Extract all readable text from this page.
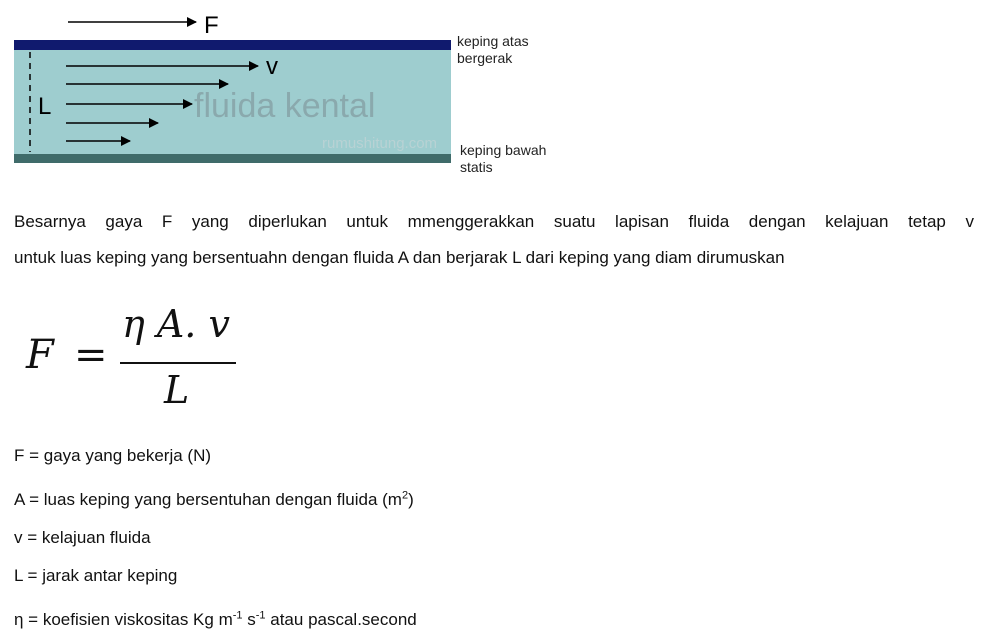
F
L
v
fluida kental
rumushitung.com
keping atas
bergerak
keping bawah
statis

Besarnya gaya F yang diperlukan untuk mmenggerakkan suatu lapisan fluida dengan kelajuan tetap v

untuk luas keping yang bersentuahn dengan fluida A dan berjarak L dari keping yang diam dirumuskan

F =
η A. v
L
F = gaya yang bekerja (N)
A = luas keping yang bersentuhan dengan fluida $(m^2)$
v = kelajuan fluida
L = jarak antar keping
η = koefisien viskositas Kg $m^{-1}$ $s^{-1}$ atau pascal.second
